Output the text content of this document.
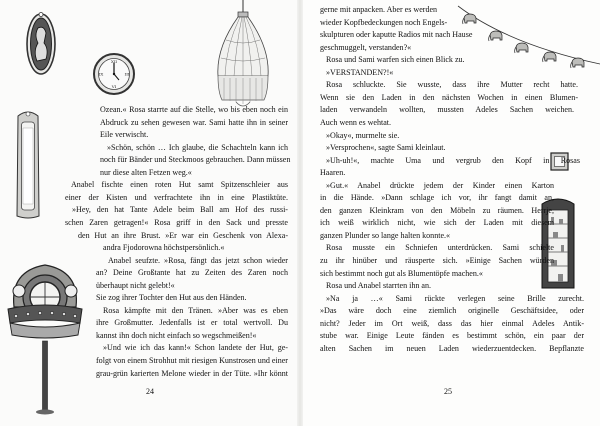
XII
III
VI
IX
Ozean.« Rosa starrte auf die Stelle, wo bis eben noch ein
Abdruck zu sehen gewesen war. Sami hatte ihn in seiner
Eile verwischt.
»Schön, schön … Ich glaube, die Schachteln kann ich
noch für Bänder und Steckmoos gebrauchen. Dann müssen
nur diese alten Fetzen weg.«
Anabel fischte einen roten Hut samt Spitzenschleier aus
einer der Kisten und verfrachtete ihn in eine Plastiktüte.
»Hey, den hat Tante Adele beim Ball am Hof des russi-
schen Zaren getragen!« Rosa griff in den Sack und presste
den Hut an ihre Brust. »Er war ein Geschenk von Alexa-
andra Fjodorowna höchstpersönlich.«
Anabel seufzte. »Rosa, fängt das jetzt schon wieder
an? Deine Großtante hat zu Zeiten des Zaren noch
überhaupt nicht gelebt!«
Sie zog ihrer Tochter den Hut aus den Händen.
Rosa kämpfte mit den Tränen. »Aber was es eben
ihre Großmutter. Jedenfalls ist er total wertvoll. Du
kannst ihn doch nicht einfach so wegschmeißen!«
»Und wie ich das kann!« Schon landete der Hut, ge-
folgt von einem Strohhut mit riesigen Kunstrosen und einer
grau-grün karierten Melone wieder in der Tüte. »Ihr könnt
gerne mit anpacken. Aber es werden
wieder Kopfbedeckungen noch Engels-
skulpturen oder kaputte Radios mit nach Hause
geschmuggelt, verstanden?«
Rosa und Sami warfen sich einen Blick zu.
»VERSTANDEN?!«
Rosa schluckte. Sie wusste, dass ihre Mutter recht hatte.
Wenn sie den Laden in den nächsten Wochen in einen Blumen-
laden verwandeln wollten, mussten Adeles Sachen weichen.
Auch wenn es wehtat.
»Okay«, murmelte sie.
»Versprochen«, sagte Sami kleinlaut.
»Uh-uh!«, machte Uma und vergrub den Kopf in Rosas
Haaren.
»Gut.« Anabel drückte jedem der Kinder einen Karton
in die Hände. »Dann schlage ich vor, ihr fangt damit an,
den ganzen Kleinkram von den Möbeln zu räumen. Herrje,
ich weiß wirklich nicht, wie sich der Laden mit diesem
ganzen Plunder so lange halten konnte.«
Rosa musste ein Schniefen unterdrücken. Sami schielte
zu ihr hinüber und räusperte sich. »Einige Sachen würden
sich bestimmt noch gut als Blumentöpfe machen.«
Rosa und Anabel starrten ihn an.
»Na ja …« Sami rückte verlegen seine Brille zurecht.
»Das wäre doch eine ziemlich originelle Geschäftsidee, oder
nicht? Jeder im Ort weiß, dass das hier einmal Adeles Antik-
stube war. Einige Leute fänden es bestimmt schön, ein paar der
alten Sachen im neuen Laden wiederzuentdecken. Bepflanzte
24	25
